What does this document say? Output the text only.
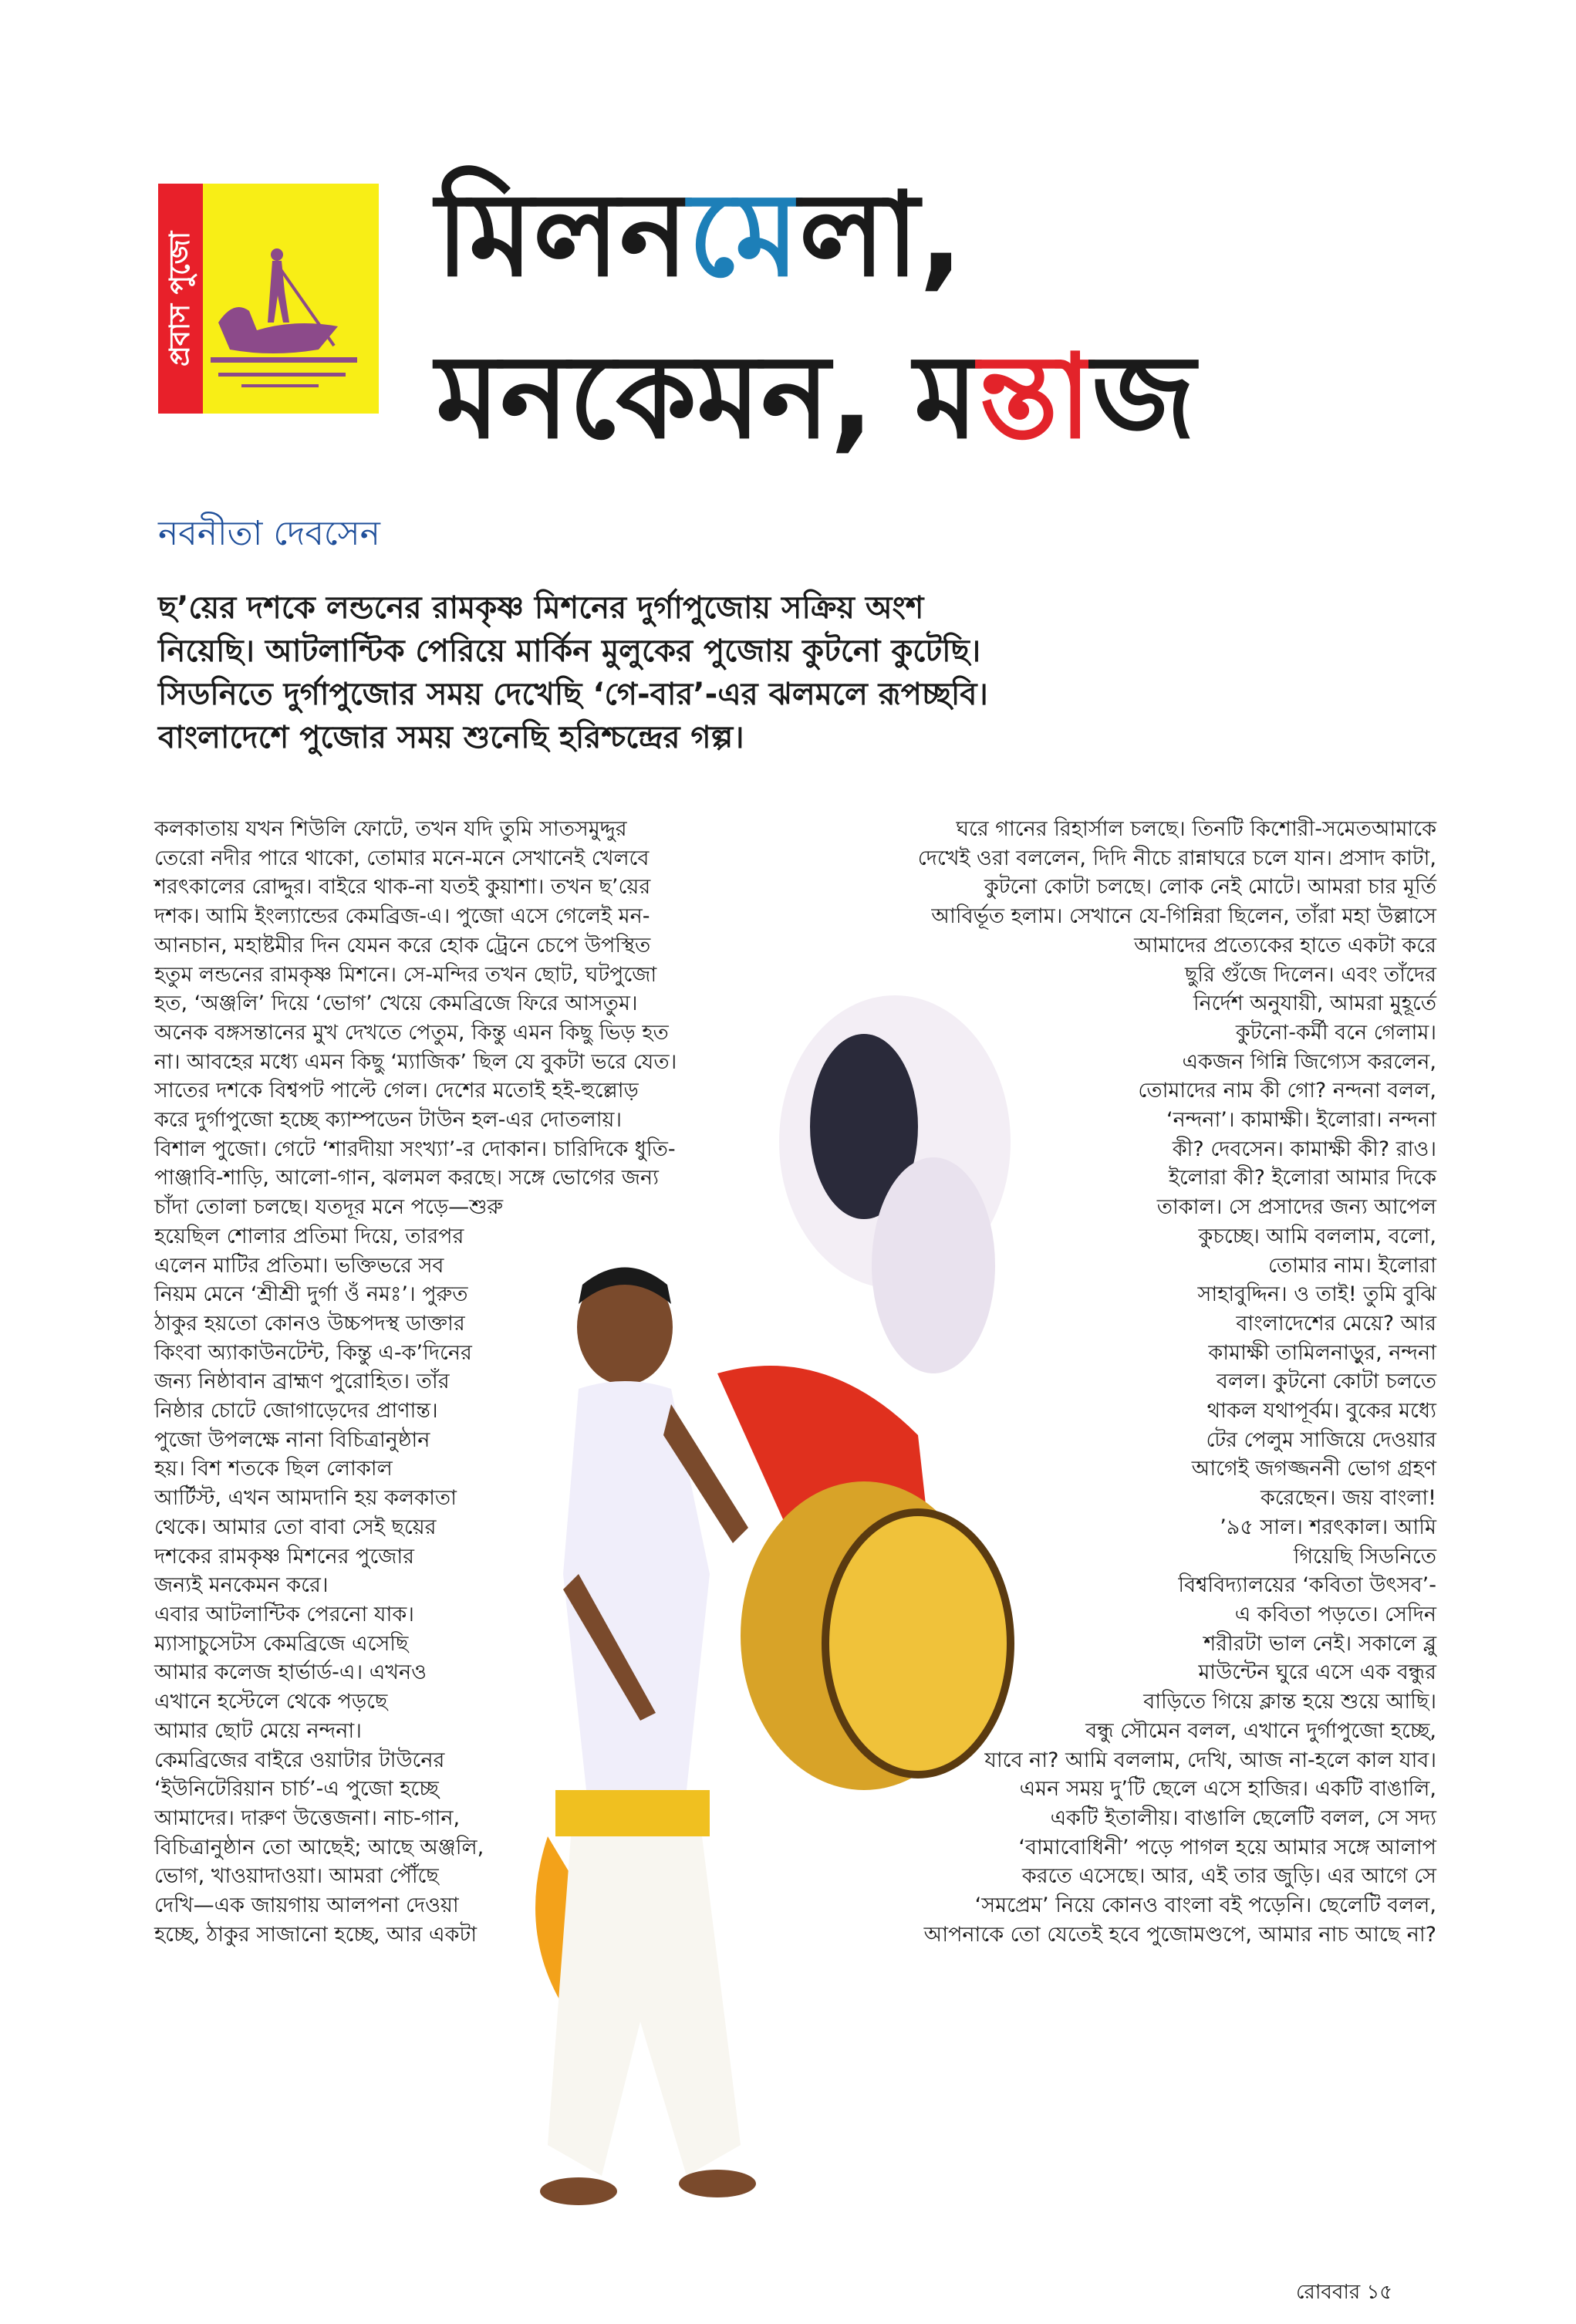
প্রবাস পুজো মিলনমেলা,
মনকেমন, মন্তাজ
নবনীতা দেবসেন
ছ’য়ের দশকে লন্ডনের রামকৃষ্ণ মিশনের দুর্গাপুজোয় সক্রিয় অংশ
নিয়েছি। আটলান্টিক পেরিয়ে মার্কিন মুলুকের পুজোয় কুটনো কুটেছি।
সিডনিতে দুর্গাপুজোর সময় দেখেছি ‘গে-বার’-এর ঝলমলে রূপচ্ছবি।
বাংলাদেশে পুজোর সময় শুনেছি হরিশ্চন্দ্রের গল্প।
কলকাতায় যখন শিউলি ফোটে, তখন যদি তুমি সাতসমুদ্দুর
তেরো নদীর পারে থাকো, তোমার মনে-মনে সেখানেই খেলবে
শরৎকালের রোদ্দুর। বাইরে থাক-না যতই কুয়াশা। তখন ছ’য়ের
দশক। আমি ইংল্যান্ডের কেমব্রিজ-এ। পুজো এসে গেলেই মন-
আনচান, মহাষ্টমীর দিন যেমন করে হোক ট্রেনে চেপে উপস্থিত
হতুম লন্ডনের রামকৃষ্ণ মিশনে। সে-মন্দির তখন ছোট, ঘটপুজো
হত, ‘অঞ্জলি’ দিয়ে ‘ভোগ’ খেয়ে কেমব্রিজে ফিরে আসতুম।
অনেক বঙ্গসন্তানের মুখ দেখতে পেতুম, কিন্তু এমন কিছু ভিড় হত
না। আবহের মধ্যে এমন কিছু ‘ম্যাজিক’ ছিল যে বুকটা ভরে যেত।
সাতের দশকে বিশ্বপট পাল্টে গেল। দেশের মতোই হই-হুল্লোড়
করে দুর্গাপুজো হচ্ছে ক্যাম্পডেন টাউন হল-এর দোতলায়।
বিশাল পুজো। গেটে ‘শারদীয়া সংখ্যা’-র দোকান। চারিদিকে ধুতি-
পাঞ্জাবি-শাড়ি, আলো-গান, ঝলমল করছে। সঙ্গে ভোগের জন্য
চাঁদা তোলা চলছে। যতদূর মনে পড়ে—শুরু
হয়েছিল শোলার প্রতিমা দিয়ে, তারপর
এলেন মাটির প্রতিমা। ভক্তিভরে সব
নিয়ম মেনে ‘শ্রীশ্রী দুর্গা ওঁ নমঃ’। পুরুত
ঠাকুর হয়তো কোনও উচ্চপদস্থ ডাক্তার
কিংবা অ্যাকাউনটেন্ট, কিন্তু এ-ক’দিনের
জন্য নিষ্ঠাবান ব্রাহ্মণ পুরোহিত। তাঁর
নিষ্ঠার চোটে জোগাড়েদের প্রাণান্ত।
পুজো উপলক্ষে নানা বিচিত্রানুষ্ঠান
হয়। বিশ শতকে ছিল লোকাল
আর্টিস্ট, এখন আমদানি হয় কলকাতা
থেকে। আমার তো বাবা সেই ছয়ের
দশকের রামকৃষ্ণ মিশনের পুজোর
জন্যই মনকেমন করে।
এবার আটলান্টিক পেরনো যাক।
ম্যাসাচুসেটস কেমব্রিজে এসেছি
আমার কলেজ হার্ভার্ড-এ। এখনও
এখানে হস্টেলে থেকে পড়ছে
আমার ছোট মেয়ে নন্দনা।
কেমব্রিজের বাইরে ওয়াটার টাউনের
‘ইউনিটেরিয়ান চার্চ’-এ পুজো হচ্ছে
আমাদের। দারুণ উত্তেজনা। নাচ-গান,
বিচিত্রানুষ্ঠান তো আছেই; আছে অঞ্জলি,
ভোগ, খাওয়াদাওয়া। আমরা পৌঁছে
দেখি—এক জায়গায় আলপনা দেওয়া
হচ্ছে, ঠাকুর সাজানো হচ্ছে, আর একটা
ঘরে গানের রিহার্সাল চলছে। তিনটি কিশোরী-সমেতআমাকে
দেখেই ওরা বললেন, দিদি নীচে রান্নাঘরে চলে যান। প্রসাদ কাটা,
কুটনো কোটা চলছে। লোক নেই মোটে। আমরা চার মূর্তি
আবির্ভূত হলাম। সেখানে যে-গিন্নিরা ছিলেন, তাঁরা মহা উল্লাসে
আমাদের প্রত্যেকের হাতে একটা করে
ছুরি গুঁজে দিলেন। এবং তাঁদের
নির্দেশ অনুযায়ী, আমরা মুহূর্তে
কুটনো-কর্মী বনে গেলাম।
একজন গিন্নি জিগ্যেস করলেন,
তোমাদের নাম কী গো? নন্দনা বলল,
‘নন্দনা’। কামাক্ষী। ইলোরা। নন্দনা
কী? দেবসেন। কামাক্ষী কী? রাও।
ইলোরা কী? ইলোরা আমার দিকে
তাকাল। সে প্রসাদের জন্য আপেল
কুচচ্ছে। আমি বললাম, বলো,
তোমার নাম। ইলোরা
সাহাবুদ্দিন। ও তাই! তুমি বুঝি
বাংলাদেশের মেয়ে? আর
কামাক্ষী তামিলনাড়ুর, নন্দনা
বলল। কুটনো কোটা চলতে
থাকল যথাপূর্বম। বুকের মধ্যে
টের পেলুম সাজিয়ে দেওয়ার
আগেই জগজ্জননী ভোগ গ্রহণ
করেছেন। জয় বাংলা!
’৯৫ সাল। শরৎকাল। আমি
গিয়েছি সিডনিতে
বিশ্ববিদ্যালয়ের ‘কবিতা উৎসব’-
এ কবিতা পড়তে। সেদিন
শরীরটা ভাল নেই। সকালে ব্লু
মাউন্টেন ঘুরে এসে এক বন্ধুর
বাড়িতে গিয়ে ক্লান্ত হয়ে শুয়ে আছি।
বন্ধু সৌমেন বলল, এখানে দুর্গাপুজো হচ্ছে,
যাবে না? আমি বললাম, দেখি, আজ না-হলে কাল যাব।
এমন সময় দু’টি ছেলে এসে হাজির। একটি বাঙালি,
একটি ইতালীয়। বাঙালি ছেলেটি বলল, সে সদ্য
‘বামাবোধিনী’ পড়ে পাগল হয়ে আমার সঙ্গে আলাপ
করতে এসেছে। আর, এই তার জুড়ি। এর আগে সে
‘সমপ্রেম’ নিয়ে কোনও বাংলা বই পড়েনি। ছেলেটি বলল,
আপনাকে তো যেতেই হবে পুজোমণ্ডপে, আমার নাচ আছে না?
রোববার ১৫
